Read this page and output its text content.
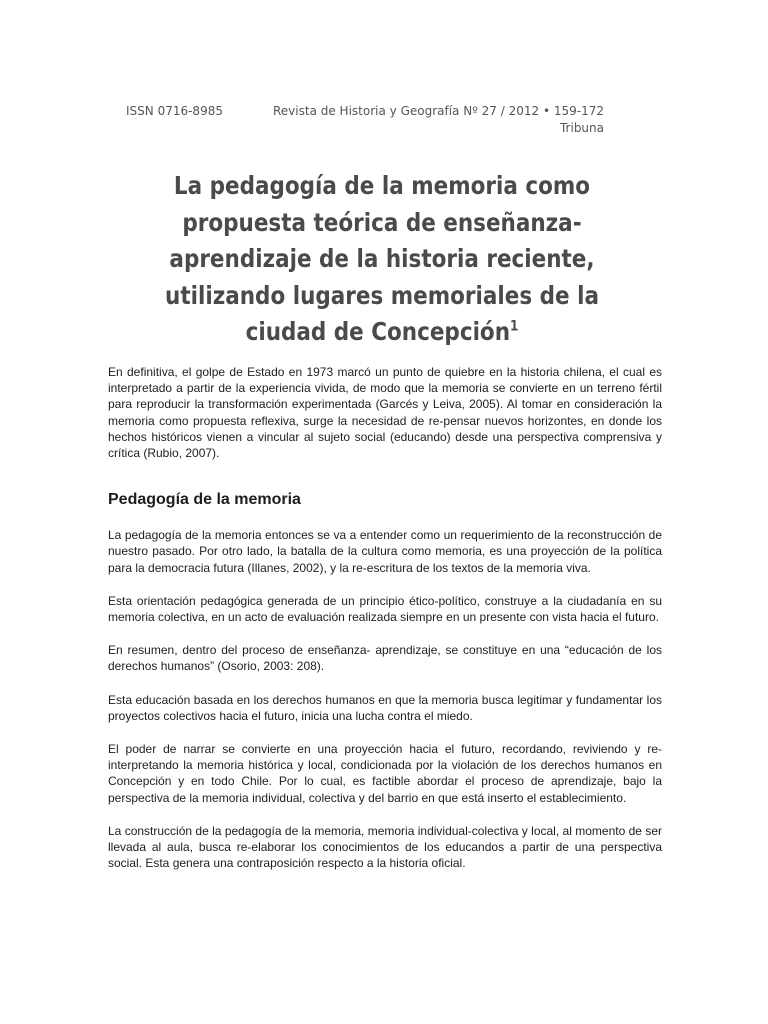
ISSN 0716-8985	Revista de Historia y Geografía Nº 27 / 2012 • 159-172
Tribuna
La pedagogía de la memoria como
propuesta teórica de enseñanza-
aprendizaje de la historia reciente,
utilizando lugares memoriales de la
ciudad de Concepción$^1$

En definitiva, el golpe de Estado en 1973 marcó un punto de quiebre en la historia chilena, el cual es interpretado a partir de la experiencia vivida, de modo que la memoria se convierte en un terreno fértil para reproducir la transformación experimentada (Garcés y Leiva, 2005). Al tomar en consideración la memoria como propuesta reflexiva, surge la necesidad de re-pensar nuevos horizontes, en donde los hechos históricos vienen a vincular al sujeto social (educando) desde una perspectiva comprensiva y crítica (Rubio, 2007).

Pedagogía de la memoria

La pedagogía de la memoria entonces se va a entender como un requerimiento de la reconstrucción de nuestro pasado. Por otro lado, la batalla de la cultura como memoria, es una proyección de la política para la democracia futura (Illanes, 2002), y la re-escritura de los textos de la memoria viva.

Esta orientación pedagógica generada de un principio ético-político, construye a la ciudadanía en su memoria colectiva, en un acto de evaluación realizada siempre en un presente con vista hacia el futuro.

En resumen, dentro del proceso de enseñanza- aprendizaje, se constituye en una “educación de los derechos humanos” (Osorio, 2003: 208).

Esta educación basada en los derechos humanos en que la memoria busca legitimar y fundamentar los proyectos colectivos hacia el futuro, inicia una lucha contra el miedo.

El poder de narrar se convierte en una proyección hacia el futuro, recordando, reviviendo y re-interpretando la memoria histórica y local, condicionada por la violación de los derechos humanos en Concepción y en todo Chile. Por lo cual, es factible abordar el proceso de aprendizaje, bajo la perspectiva de la memoria individual, colectiva y del barrio en que está inserto el establecimiento.

La construcción de la pedagogía de la memoria, memoria individual-colectiva y local, al momento de ser llevada al aula, busca re-elaborar los conocimientos de los educandos a partir de una perspectiva social. Esta genera una contraposición respecto a la historia oficial.
